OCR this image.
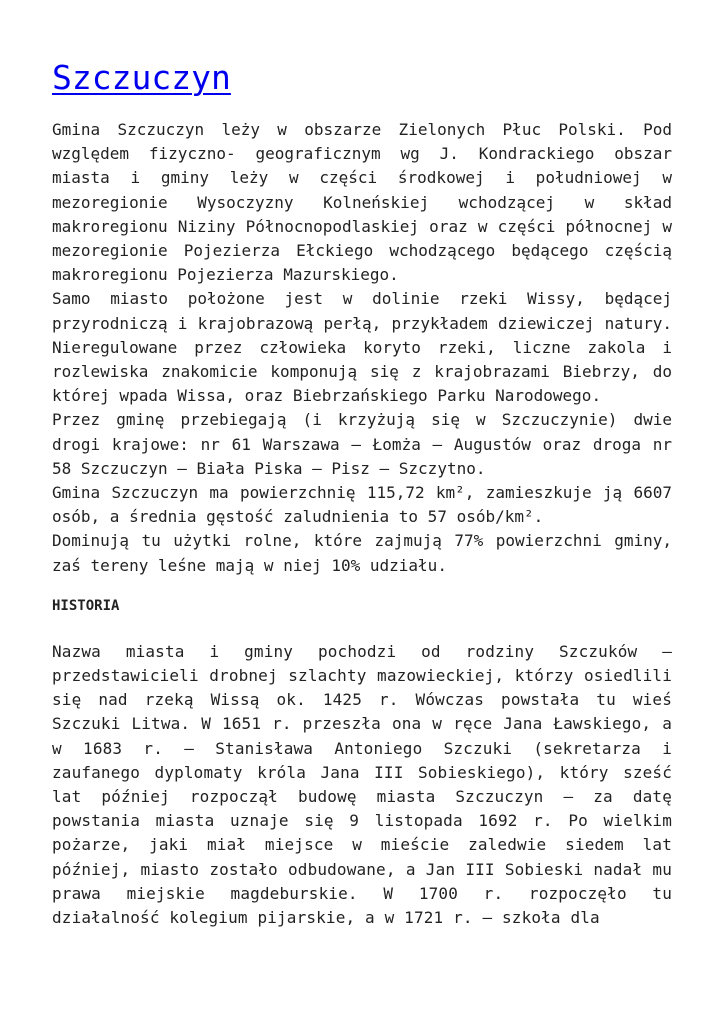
Szczuczyn

Gmina Szczuczyn leży w obszarze Zielonych Płuc Polski. Pod względem fizyczno- geograficznym wg J. Kondrackiego obszar miasta i gminy leży w części środkowej i południowej w mezoregionie Wysoczyzny Kolneńskiej wchodzącej w skład makroregionu Niziny Północnopodlaskiej oraz w części północnej w mezoregionie Pojezierza Ełckiego wchodzącego będącego częścią makroregionu Pojezierza Mazurskiego.

Samo miasto położone jest w dolinie rzeki Wissy, będącej przyrodniczą i krajobrazową perłą, przykładem dziewiczej natury. Nieregulowane przez człowieka koryto rzeki, liczne zakola i rozlewiska znakomicie komponują się z krajobrazami Biebrzy, do której wpada Wissa, oraz Biebrzańskiego Parku Narodowego.

Przez gminę przebiegają (i krzyżują się w Szczuczynie) dwie drogi krajowe: nr 61 Warszawa – Łomża – Augustów oraz droga nr 58 Szczuczyn – Biała Piska – Pisz – Szczytno.

Gmina Szczuczyn ma powierzchnię 115,72 km², zamieszkuje ją 6607 osób, a średnia gęstość zaludnienia to 57 osób/km².

Dominują tu użytki rolne, które zajmują 77% powierzchni gminy, zaś tereny leśne mają w niej 10% udziału.

HISTORIA

Nazwa miasta i gminy pochodzi od rodziny Szczuków – przedstawicieli drobnej szlachty mazowieckiej, którzy osiedlili się nad rzeką Wissą ok. 1425 r. Wówczas powstała tu wieś Szczuki Litwa. W 1651 r. przeszła ona w ręce Jana Ławskiego, a w 1683 r. – Stanisława Antoniego Szczuki (sekretarza i zaufanego dyplomaty króla Jana III Sobieskiego), który sześć lat później rozpoczął budowę miasta Szczuczyn – za datę powstania miasta uznaje się 9 listopada 1692 r. Po wielkim pożarze, jaki miał miejsce w mieście zaledwie siedem lat później, miasto zostało odbudowane, a Jan III Sobieski nadał mu prawa miejskie magdeburskie. W 1700 r. rozpoczęło tu działalność kolegium pijarskie, a w 1721 r. – szkoła dla
